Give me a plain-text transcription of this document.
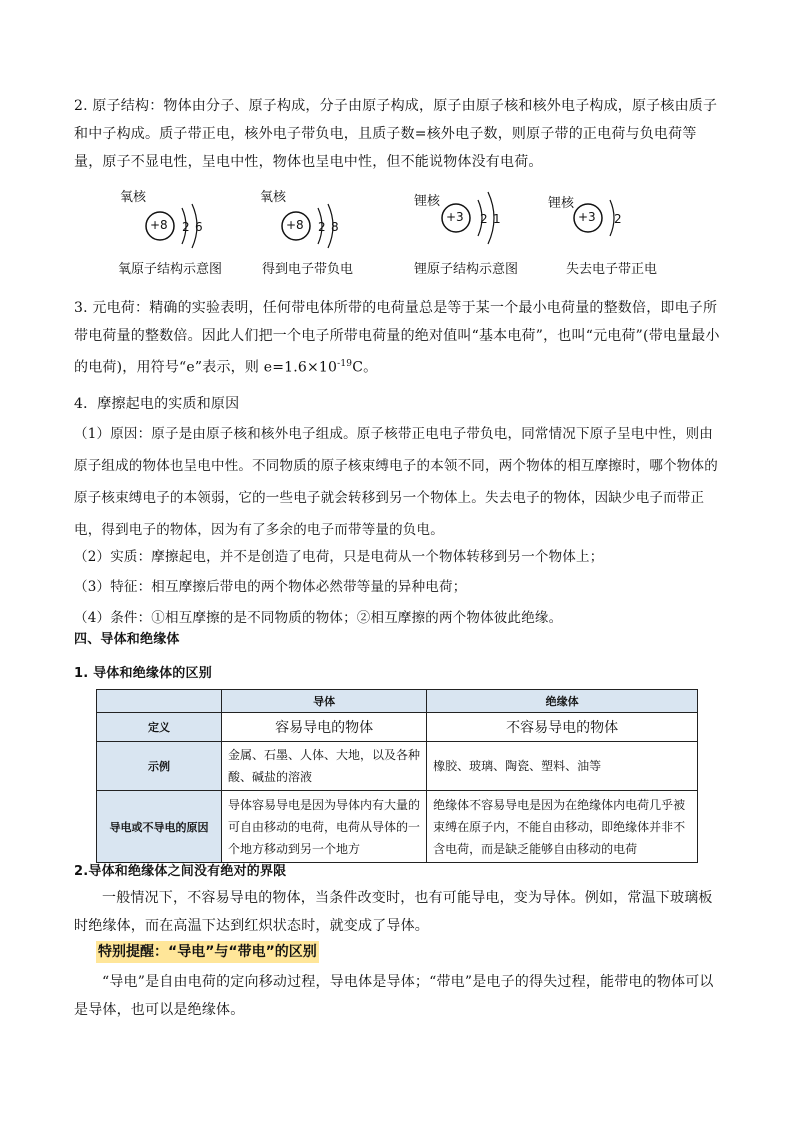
2. 原子结构：物体由分子、原子构成，分子由原子构成，原子由原子核和核外电子构成，原子核由质子和中子构成。质子带正电，核外电子带负电，且质子数=核外电子数，则原子带的正电荷与负电荷等量，原子不显电性，呈电中性，物体也呈电中性，但不能说物体没有电荷。
氧核
+8 2 6
氧原子结构示意图
氧核
+8 2 8
得到电子带负电
锂核
+3 2 1
锂原子结构示意图
锂核
+3 2
失去电子带正电
3. 元电荷：精确的实验表明，任何带电体所带的电荷量总是等于某一个最小电荷量的整数倍，即电子所带电荷量的整数倍。因此人们把一个电子所带电荷量的绝对值叫“基本电荷”，也叫“元电荷”(带电量最小的电荷)，用符号“e”表示，则 $e=1.6\times 10^{-19}C$。
4．摩擦起电的实质和原因
（1）原因：原子是由原子核和核外电子组成。原子核带正电电子带负电，同常情况下原子呈电中性，则由原子组成的物体也呈电中性。不同物质的原子核束缚电子的本领不同，两个物体的相互摩擦时，哪个物体的原子核束缚电子的本领弱，它的一些电子就会转移到另一个物体上。失去电子的物体，因缺少电子而带正电，得到电子的物体，因为有了多余的电子而带等量的负电。
（2）实质：摩擦起电，并不是创造了电荷，只是电荷从一个物体转移到另一个物体上；
（3）特征：相互摩擦后带电的两个物体必然带等量的异种电荷；
（4）条件：①相互摩擦的是不同物质的物体；②相互摩擦的两个物体彼此绝缘。
四、导体和绝缘体
1. 导体和绝缘体的区别
	导体	绝缘体
定义	容易导电的物体	不容易导电的物体
示例	金属、石墨、人体、大地，以及各种酸、碱盐的溶液	橡胶、玻璃、陶瓷、塑料、油等
导电或不导电的原因	导体容易导电是因为导体内有大量的可自由移动的电荷，电荷从导体的一个地方移动到另一个地方	绝缘体不容易导电是因为在绝缘体内电荷几乎被束缚在原子内，不能自由移动，即绝缘体并非不含电荷，而是缺乏能够自由移动的电荷
2.导体和绝缘体之间没有绝对的界限
一般情况下，不容易导电的物体，当条件改变时，也有可能导电，变为导体。例如，常温下玻璃板时绝缘体，而在高温下达到红炽状态时，就变成了导体。
特别提醒：“导电”与“带电”的区别
“导电”是自由电荷的定向移动过程，导电体是导体；“带电”是电子的得失过程，能带电的物体可以是导体，也可以是绝缘体。
